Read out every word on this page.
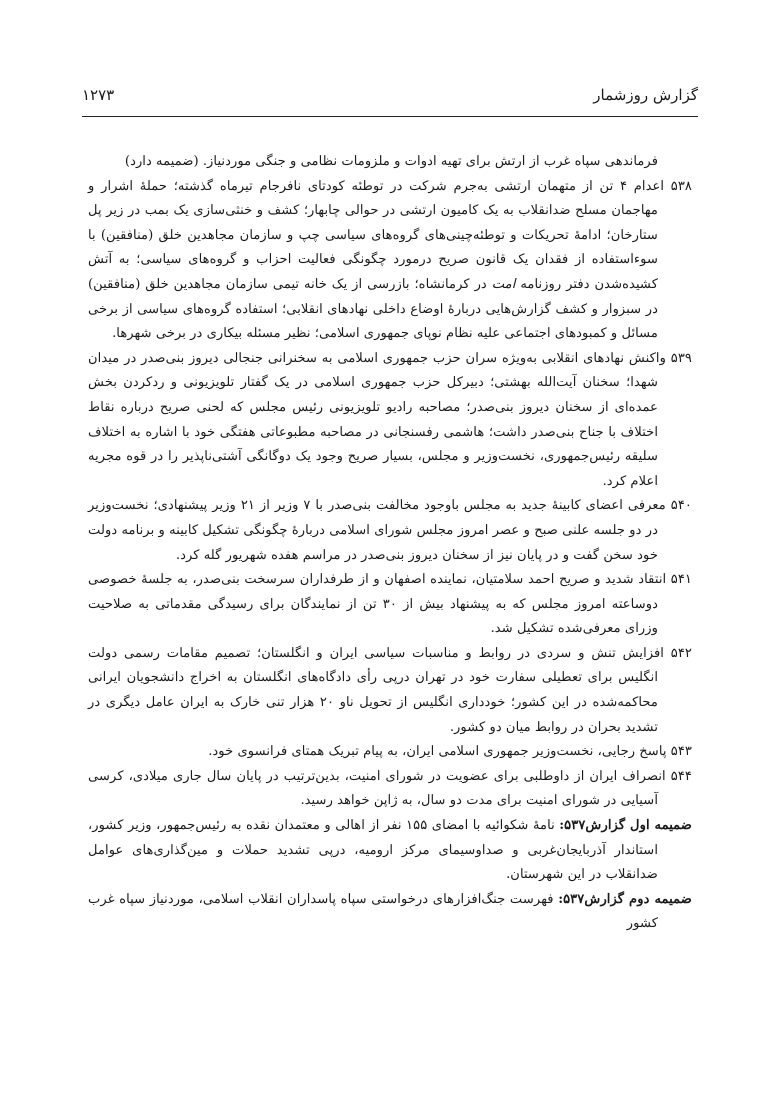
گزارش روزشمار
۱۲۷۳

فرماندهی سپاه غرب از ارتش برای تهیه ادوات و ملزومات نظامی و جنگی موردنیاز. (ضمیمه دارد)

۵۳۸ اعدام ۴ تن از متهمان ارتشی به‌جرم شرکت در توطئه کودتای نافرجام تیرماه گذشته؛ حملهٔ اشرار و مهاجمان مسلح ضدانقلاب به یک کامیون ارتشی در حوالی چابهار؛ کشف و خنثی‌سازی یک بمب در زیر پل ستارخان؛ ادامهٔ تحریکات و توطئه‌چینی‌های گروه‌های سیاسی چپ و سازمان مجاهدین خلق (منافقین) با سوءاستفاده از فقدان یک قانون صریح درمورد چگونگی فعالیت احزاب و گروه‌های سیاسی؛ به آتش کشیده‌شدن دفتر روزنامه امت در کرمانشاه؛ بازرسی از یک خانه تیمی سازمان مجاهدین خلق (منافقین) در سبزوار و کشف گزارش‌هایی دربارهٔ اوضاع داخلی نهادهای انقلابی؛ استفاده گروه‌های سیاسی از برخی مسائل و کمبودهای اجتماعی علیه نظام نوپای جمهوری اسلامی؛ نظیر مسئله بیکاری در برخی شهرها.

۵۳۹ واکنش نهادهای انقلابی به‌ویژه سران حزب جمهوری اسلامی به سخنرانی جنجالی دیروز بنی‌صدر در میدان شهدا؛ سخنان آیت‌الله بهشتی؛ دبیرکل حزب جمهوری اسلامی در یک گفتار تلویزیونی و ردکردن بخش عمده‌ای از سخنان دیروز بنی‌صدر؛ مصاحبه رادیو تلویزیونی رئیس مجلس که لحنی صریح درباره نقاط اختلاف با جناح بنی‌صدر داشت؛ هاشمی رفسنجانی در مصاحبه مطبوعاتی هفتگی خود با اشاره به اختلاف سلیقه رئیس‌جمهوری، نخست‌وزیر و مجلس، بسیار صریح وجود یک دوگانگی آشتی‌ناپذیر را در قوه مجریه اعلام کرد.

۵۴۰ معرفی اعضای کابینهٔ جدید به مجلس باوجود مخالفت بنی‌صدر با ۷ وزیر از ۲۱ وزیر پیشنهادی؛ نخست‌وزیر در دو جلسه علنی صبح و عصر امروز مجلس شورای اسلامی دربارهٔ چگونگی تشکیل کابینه و برنامه دولت خود سخن گفت و در پایان نیز از سخنان دیروز بنی‌صدر در مراسم هفده شهریور گله کرد.

۵۴۱ انتقاد شدید و صریح احمد سلامتیان، نماینده اصفهان و از طرفداران سرسخت بنی‌صدر، به جلسهٔ خصوصی دوساعته امروز مجلس که به پیشنهاد بیش از ۳۰ تن از نمایندگان برای رسیدگی مقدماتی به صلاحیت وزرای معرفی‌شده تشکیل شد.

۵۴۲ افزایش تنش و سردی در روابط و مناسبات سیاسی ایران و انگلستان؛ تصمیم مقامات رسمی دولت انگلیس برای تعطیلی سفارت خود در تهران درپی رأی دادگاه‌های انگلستان به اخراج دانشجویان ایرانی محاکمه‌شده در این کشور؛ خودداری انگلیس از تحویل ناو ۲۰ هزار تنی خارک به ایران عامل دیگری در تشدید بحران در روابط میان دو کشور.

۵۴۳ پاسخ رجایی، نخست‌وزیر جمهوری اسلامی ایران، به پیام تبریک همتای فرانسوی خود.

۵۴۴ انصراف ایران از داوطلبی برای عضویت در شورای امنیت، بدین‌ترتیب در پایان سال جاری میلادی، کرسی آسیایی در شورای امنیت برای مدت دو سال، به ژاپن خواهد رسید.

ضمیمه اول گزارش۵۳۷: نامهٔ شکوائیه با امضای ۱۵۵ نفر از اهالی و معتمدان نقده به رئیس‌جمهور، وزیر کشور، استاندار آذربایجان‌غربی و صداوسیمای مرکز ارومیه، درپی تشدید حملات و مین‌گذاری‌های عوامل ضدانقلاب در این شهرستان.

ضمیمه دوم گزارش۵۳۷: فهرست جنگ‌افزارهای درخواستی سپاه پاسداران انقلاب اسلامی، موردنیاز سپاه غرب کشور
